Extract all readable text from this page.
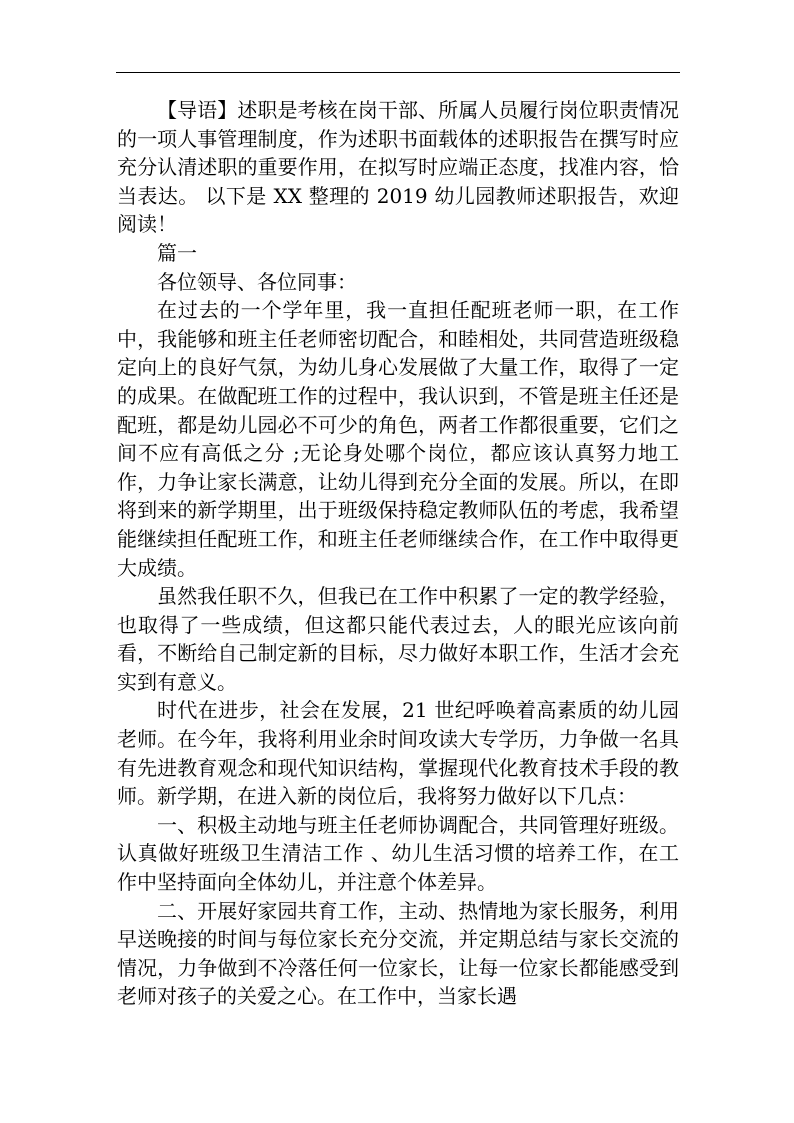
【导语】述职是考核在岗干部、所属人员履行岗位职责情况的一项人事管理制度，作为述职书面载体的述职报告在撰写时应充分认清述职的重要作用，在拟写时应端正态度，找准内容，恰当表达。 以下是 XX 整理的 2019 幼儿园教师述职报告，欢迎阅读！

篇一

各位领导、各位同事：

在过去的一个学年里，我一直担任配班老师一职，在工作中，我能够和班主任老师密切配合，和睦相处，共同营造班级稳定向上的良好气氛，为幼儿身心发展做了大量工作，取得了一定的成果。在做配班工作的过程中，我认识到，不管是班主任还是配班，都是幼儿园必不可少的角色，两者工作都很重要，它们之间不应有高低之分 ;无论身处哪个岗位，都应该认真努力地工作，力争让家长满意，让幼儿得到充分全面的发展。所以，在即将到来的新学期里，出于班级保持稳定教师队伍的考虑，我希望能继续担任配班工作，和班主任老师继续合作，在工作中取得更大成绩。

虽然我任职不久，但我已在工作中积累了一定的教学经验，也取得了一些成绩，但这都只能代表过去，人的眼光应该向前看，不断给自己制定新的目标，尽力做好本职工作，生活才会充实到有意义。

时代在进步，社会在发展，21 世纪呼唤着高素质的幼儿园老师。在今年，我将利用业余时间攻读大专学历，力争做一名具有先进教育观念和现代知识结构，掌握现代化教育技术手段的教师。新学期，在进入新的岗位后，我将努力做好以下几点：

一、积极主动地与班主任老师协调配合，共同管理好班级。认真做好班级卫生清洁工作 、幼儿生活习惯的培养工作，在工作中坚持面向全体幼儿，并注意个体差异。

二、开展好家园共育工作，主动、热情地为家长服务，利用早送晚接的时间与每位家长充分交流，并定期总结与家长交流的情况，力争做到不冷落任何一位家长，让每一位家长都能感受到老师对孩子的关爱之心。在工作中，当家长遇
